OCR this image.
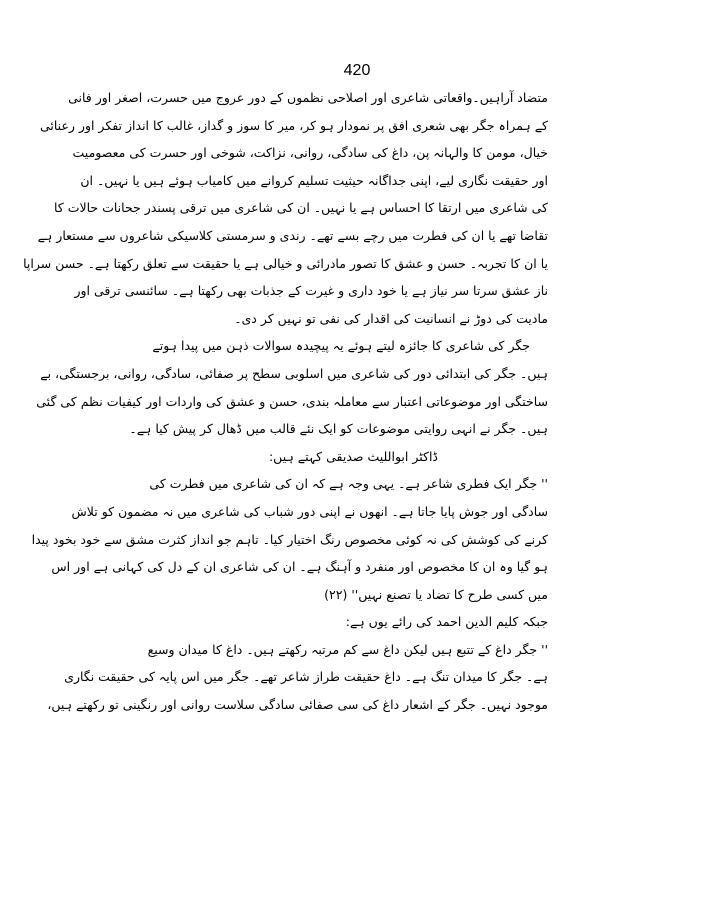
420
متضاد آراہیں۔واقعاتی شاعری اور اصلاحی نظموں کے دور عروج میں حسرت، اصغر اور فانی
کے ہمراہ جگر بھی شعری افق پر نمودار ہو کر، میر کا سوز و گداز، غالب کا انداز تفکر اور رعنائی
خیال، مومن کا والہانہ پن، داغ کی سادگی، روانی، نزاکت، شوخی اور حسرت کی معصومیت
اور حقیقت نگاری لیے، اپنی جداگانہ حیثیت تسلیم کروانے میں کامیاب ہوئے ہیں یا نہیں۔ ان
کی شاعری میں ارتقا کا احساس ہے یا نہیں۔ ان کی شاعری میں ترقی پسندر جحانات حالات کا
تقاضا تھے یا ان کی فطرت میں رچے بسے تھے۔ رندی و سرمستی کلاسیکی شاعروں سے مستعار ہے
یا ان کا تجربہ۔ حسن و عشق کا تصور مادرائی و خیالی ہے یا حقیقت سے تعلق رکھتا ہے۔ حسن سراپا
ناز عشق سرتا سر نیاز ہے یا خود داری و غیرت کے جذبات بھی رکھتا ہے۔ سائنسی ترقی اور
مادیت کی دوڑ نے انسانیت کی اقدار کی نفی تو نہیں کر دی۔
جگر کی شاعری کا جائزہ لیتے ہوئے یہ پیچیدہ سوالات ذہن میں پیدا ہوتے
ہیں۔ جگر کی ابتدائی دور کی شاعری میں اسلوبی سطح پر صفائی، سادگی، روانی، برجستگی، بے
ساختگی اور موضوعاتی اعتبار سے معاملہ بندی، حسن و عشق کی واردات اور کیفیات نظم کی گئی
ہیں۔ جگر نے انہی روایتی موضوعات کو ایک نئے قالب میں ڈھال کر پیش کیا ہے۔
ڈاکٹر ابواللیث صدیقی کہتے ہیں:
'' جگر ایک فطری شاعر ہے۔ یہی وجہ ہے کہ ان کی شاعری میں فطرت کی
سادگی اور جوش پایا جاتا ہے۔ انھوں نے اپنی دور شباب کی شاعری میں نہ مضمون کو تلاش
کرنے کی کوشش کی نہ کوئی مخصوص رنگ اختیار کیا۔ تاہم جو انداز کثرت مشق سے خود بخود پیدا
ہو گیا وہ ان کا مخصوص اور منفرد و آہنگ ہے۔ ان کی شاعری ان کے دل کی کہانی ہے اور اس
میں کسی طرح کا تضاد یا تصنع نہیں'' (۲۲)
جبکہ کلیم الدین احمد کی رائے یوں ہے:
'' جگر داغ کے تتبع ہیں لیکن داغ سے کم مرتبہ رکھتے ہیں۔ داغ کا میدان وسیع
ہے۔ جگر کا میدان تنگ ہے۔ داغ حقیقت طراز شاعر تھے۔ جگر میں اس پایہ کی حقیقت نگاری
موجود نہیں۔ جگر کے اشعار داغ کی سی صفائی سادگی سلاست روانی اور رنگینی تو رکھتے ہیں،
